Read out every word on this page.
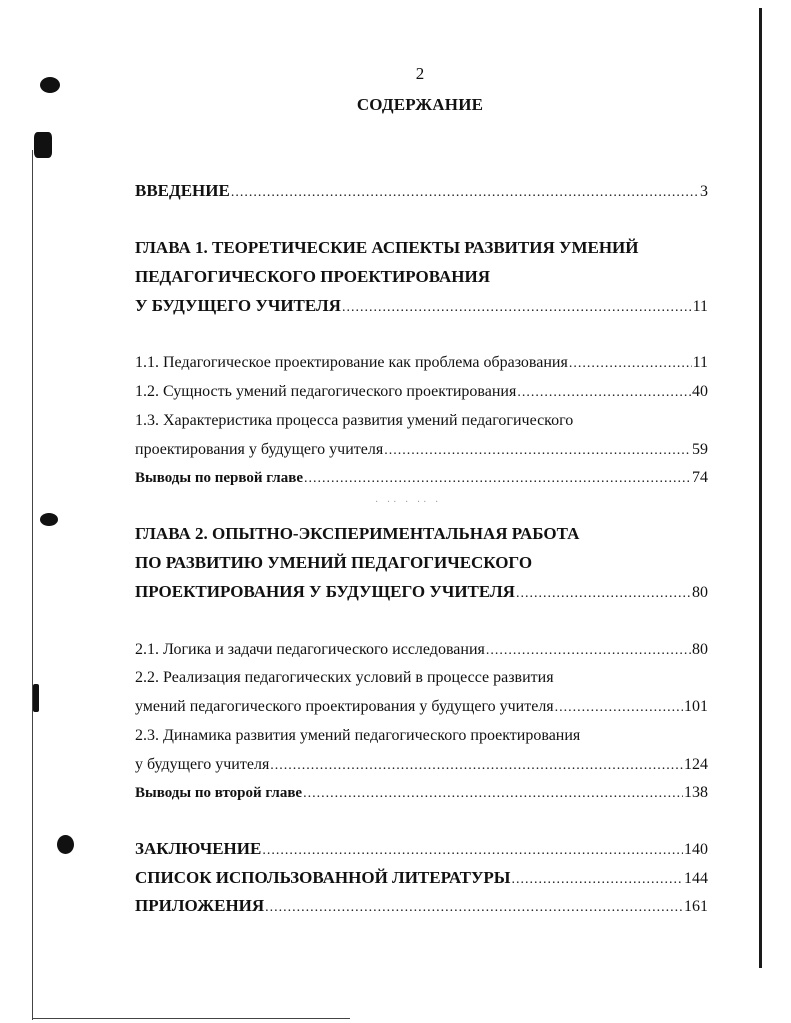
· ·· · ·· ·
2
СОДЕРЖАНИЕ
ВВЕДЕНИЕ .....	3
ГЛАВА 1. ТЕОРЕТИЧЕСКИЕ АСПЕКТЫ РАЗВИТИЯ УМЕНИЙ
ПЕДАГОГИЧЕСКОГО ПРОЕКТИРОВАНИЯ
У БУДУЩЕГО УЧИТЕЛЯ .....	11
1.1. Педагогическое проектирование как проблема образования .....	11
1.2. Сущность умений педагогического проектирования .....	40
1.3. Характеристика процесса развития умений педагогического
проектирования у будущего учителя .....	59
Выводы по первой главе .....	74
ГЛАВА 2. ОПЫТНО-ЭКСПЕРИМЕНТАЛЬНАЯ РАБОТА
ПО РАЗВИТИЮ УМЕНИЙ ПЕДАГОГИЧЕСКОГО
ПРОЕКТИРОВАНИЯ У БУДУЩЕГО УЧИТЕЛЯ .....	80
2.1. Логика и задачи педагогического исследования .....	80
2.2. Реализация педагогических условий в процессе развития
умений педагогического проектирования у будущего учителя .....	101
2.3. Динамика развития умений педагогического проектирования
у будущего учителя .....	124
Выводы по второй главе .....	138
ЗАКЛЮЧЕНИЕ .....	140
СПИСОК ИСПОЛЬЗОВАННОЙ ЛИТЕРАТУРЫ .....	144
ПРИЛОЖЕНИЯ .....	161
